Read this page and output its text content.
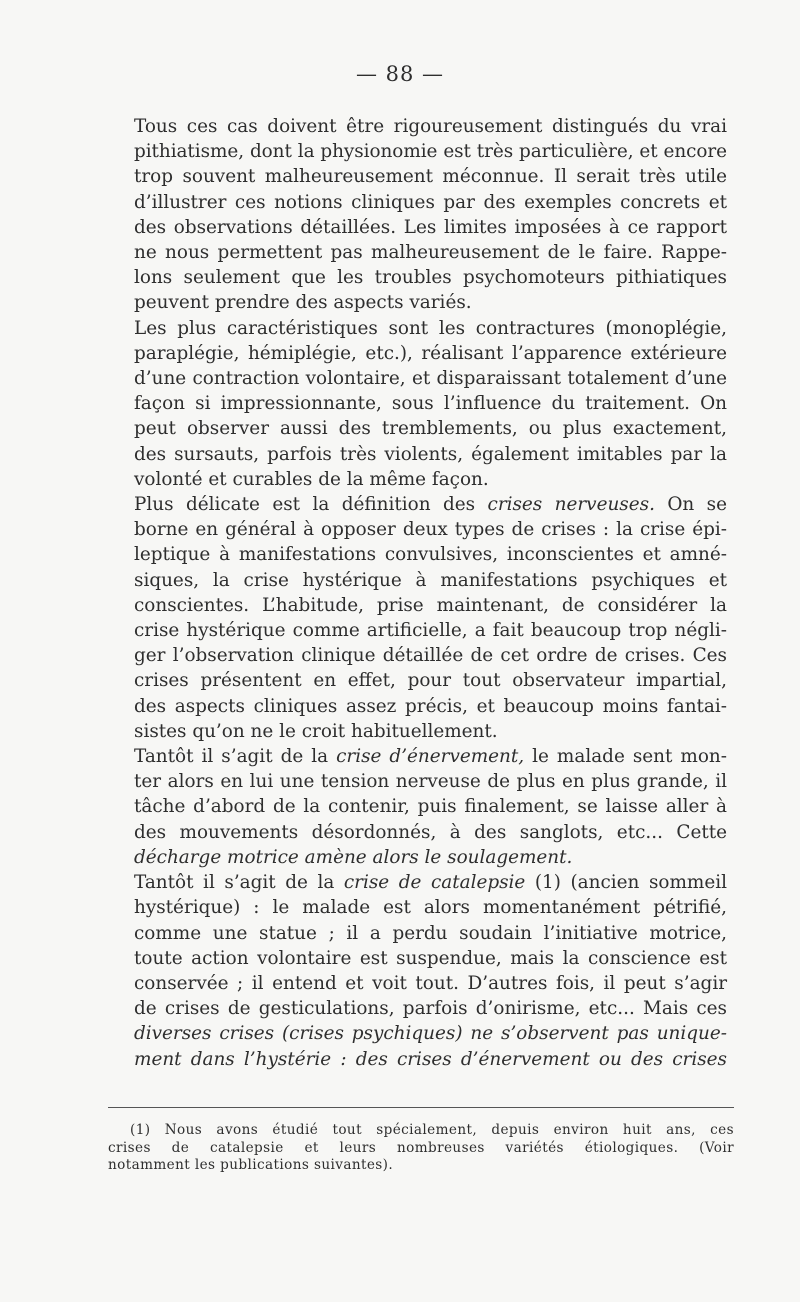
— 88 —

Tous ces cas doivent être rigoureusement distingués du vrai
pithiatisme, dont la physionomie est très particulière, et encore
trop souvent malheureusement méconnue. Il serait très utile
d’illustrer ces notions cliniques par des exemples concrets et
des observations détaillées. Les limites imposées à ce rapport
ne nous permettent pas malheureusement de le faire. Rappe-
lons seulement que les troubles psychomoteurs pithiatiques
peuvent prendre des aspects variés.

Les plus caractéristiques sont les contractures (monoplégie,
paraplégie, hémiplégie, etc.), réalisant l’apparence extérieure
d’une contraction volontaire, et disparaissant totalement d’une
façon si impressionnante, sous l’influence du traitement. On
peut observer aussi des tremblements, ou plus exactement,
des sursauts, parfois très violents, également imitables par la
volonté et curables de la même façon.

Plus délicate est la définition des crises nerveuses. On se
borne en général à opposer deux types de crises : la crise épi-
leptique à manifestations convulsives, inconscientes et amné-
siques, la crise hystérique à manifestations psychiques et
conscientes. L’habitude, prise maintenant, de considérer la
crise hystérique comme artificielle, a fait beaucoup trop négli-
ger l’observation clinique détaillée de cet ordre de crises. Ces
crises présentent en effet, pour tout observateur impartial,
des aspects cliniques assez précis, et beaucoup moins fantai-
sistes qu’on ne le croit habituellement.

Tantôt il s’agit de la crise d’énervement, le malade sent mon-
ter alors en lui une tension nerveuse de plus en plus grande, il
tâche d’abord de la contenir, puis finalement, se laisse aller à
des mouvements désordonnés, à des sanglots, etc... Cette
décharge motrice amène alors le soulagement.

Tantôt il s’agit de la crise de catalepsie (1) (ancien sommeil
hystérique) : le malade est alors momentanément pétrifié,
comme une statue ; il a perdu soudain l’initiative motrice,
toute action volontaire est suspendue, mais la conscience est
conservée ; il entend et voit tout. D’autres fois, il peut s’agir
de crises de gesticulations, parfois d’onirisme, etc... Mais ces
diverses crises (crises psychiques) ne s’observent pas unique-
ment dans l’hystérie : des crises d’énervement ou des crises

(1) Nous avons étudié tout spécialement, depuis environ huit ans, ces
crises de catalepsie et leurs nombreuses variétés étiologiques. (Voir
notamment les publications suivantes).
